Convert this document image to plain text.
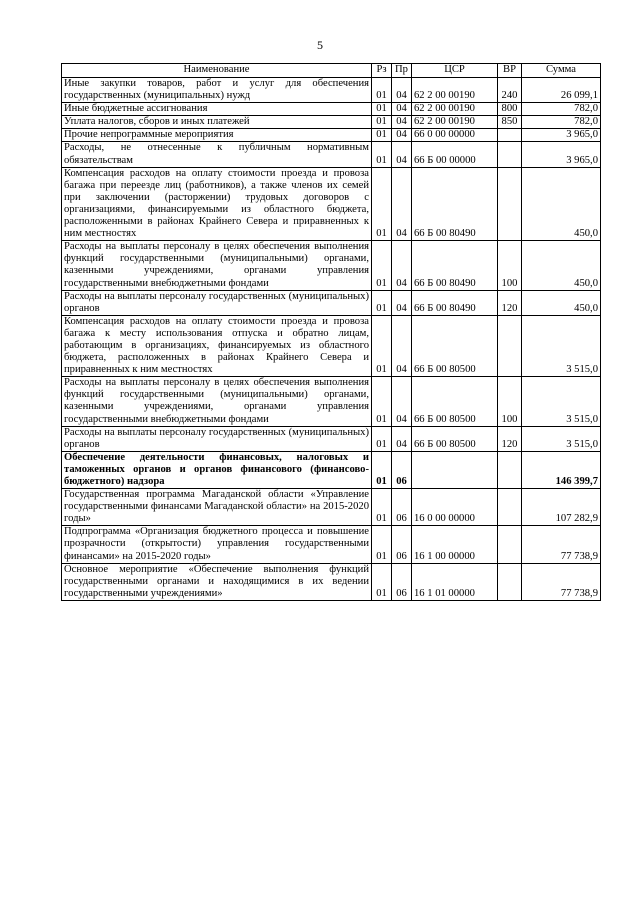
5
Наименование	Рз	Пр	ЦСР	ВР	Сумма
Иные закупки товаров, работ и услуг для обеспечения государственных (муниципальных) нужд	01	04	62 2 00 00190	240	26 099,1
Иные бюджетные ассигнования	01	04	62 2 00 00190	800	782,0
Уплата налогов, сборов и иных платежей	01	04	62 2 00 00190	850	782,0
Прочие непрограммные мероприятия	01	04	66 0 00 00000		3 965,0
Расходы, не отнесенные к публичным нормативным обязательствам	01	04	66 Б 00 00000		3 965,0
Компенсация расходов на оплату стоимости проезда и провоза багажа при переезде лиц (работников), а также членов их семей при заключении (расторжении) трудовых договоров с организациями, финансируемыми из областного бюджета, расположенными в районах Крайнего Севера и приравненных к ним местностях	01	04	66 Б 00 80490		450,0
Расходы на выплаты персоналу в целях обеспечения выполнения функций государственными (муниципальными) органами, казенными учреждениями, органами управления государственными внебюджетными фондами	01	04	66 Б 00 80490	100	450,0
Расходы на выплаты персоналу государственных (муниципальных) органов	01	04	66 Б 00 80490	120	450,0
Компенсация расходов на оплату стоимости проезда и провоза багажа к месту использования отпуска и обратно лицам, работающим в организациях, финансируемых из областного бюджета, расположенных в районах Крайнего Севера и приравненных к ним местностях	01	04	66 Б 00 80500		3 515,0
Расходы на выплаты персоналу в целях обеспечения выполнения функций государственными (муниципальными) органами, казенными учреждениями, органами управления государственными внебюджетными фондами	01	04	66 Б 00 80500	100	3 515,0
Расходы на выплаты персоналу государственных (муниципальных) органов	01	04	66 Б 00 80500	120	3 515,0
Обеспечение деятельности финансовых, налоговых и таможенных органов и органов финансового (финансово-бюджетного) надзора	01	06			146 399,7
Государственная программа Магаданской области «Управление государственными финансами Магаданской области» на 2015-2020 годы»	01	06	16 0 00 00000		107 282,9
Подпрограмма «Организация бюджетного процесса и повышение прозрачности (открытости) управления государственными финансами» на 2015-2020 годы»	01	06	16 1 00 00000		77 738,9
Основное мероприятие «Обеспечение выполнения функций государственными органами и находящимися в их ведении государственными учреждениями»	01	06	16 1 01 00000		77 738,9
